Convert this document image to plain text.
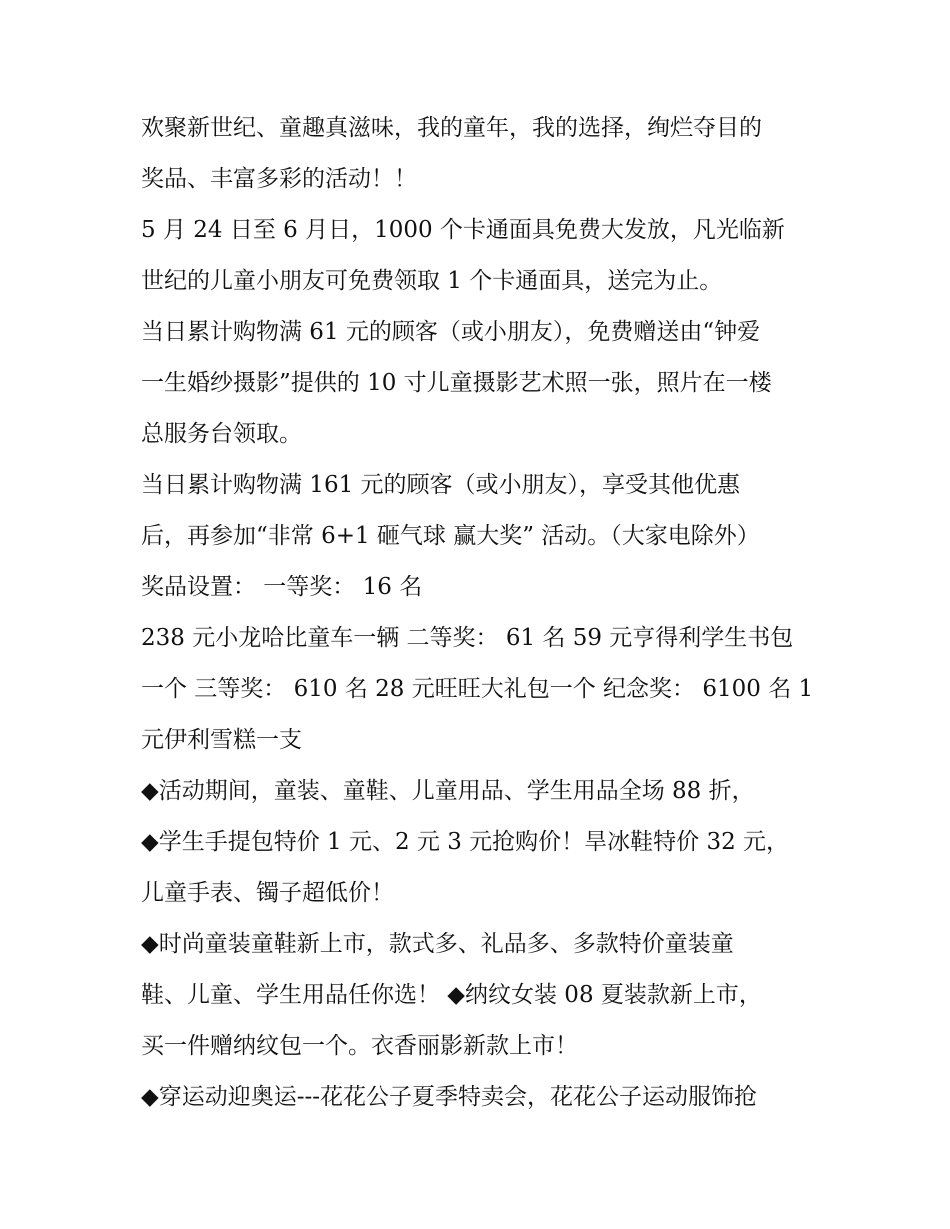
欢聚新世纪、童趣真滋味，我的童年，我的选择，绚烂夺目的
奖品、丰富多彩的活动！！
5 月 24 日至 6 月日，1000 个卡通面具免费大发放，凡光临新
世纪的儿童小朋友可免费领取 1 个卡通面具，送完为止。
当日累计购物满 61 元的顾客（或小朋友），免费赠送由“钟爱
一生婚纱摄影”提供的 10 寸儿童摄影艺术照一张，照片在一楼
总服务台领取。
当日累计购物满 161 元的顾客（或小朋友），享受其他优惠
后，再参加“非常 6+1 砸气球 赢大奖” 活动。（大家电除外）
奖品设置： 一等奖： 16 名
238 元小龙哈比童车一辆 二等奖： 61 名 59 元亨得利学生书包
一个 三等奖： 610 名 28 元旺旺大礼包一个 纪念奖： 6100 名 1
元伊利雪糕一支
◆活动期间，童装、童鞋、儿童用品、学生用品全场 88 折，
◆学生手提包特价 1 元、2 元 3 元抢购价！旱冰鞋特价 32 元，
儿童手表、镯子超低价！
◆时尚童装童鞋新上市，款式多、礼品多、多款特价童装童
鞋、儿童、学生用品任你选！ ◆纳纹女装 08 夏装款新上市，
买一件赠纳纹包一个。衣香丽影新款上市！
◆穿运动迎奥运---花花公子夏季特卖会，花花公子运动服饰抢
